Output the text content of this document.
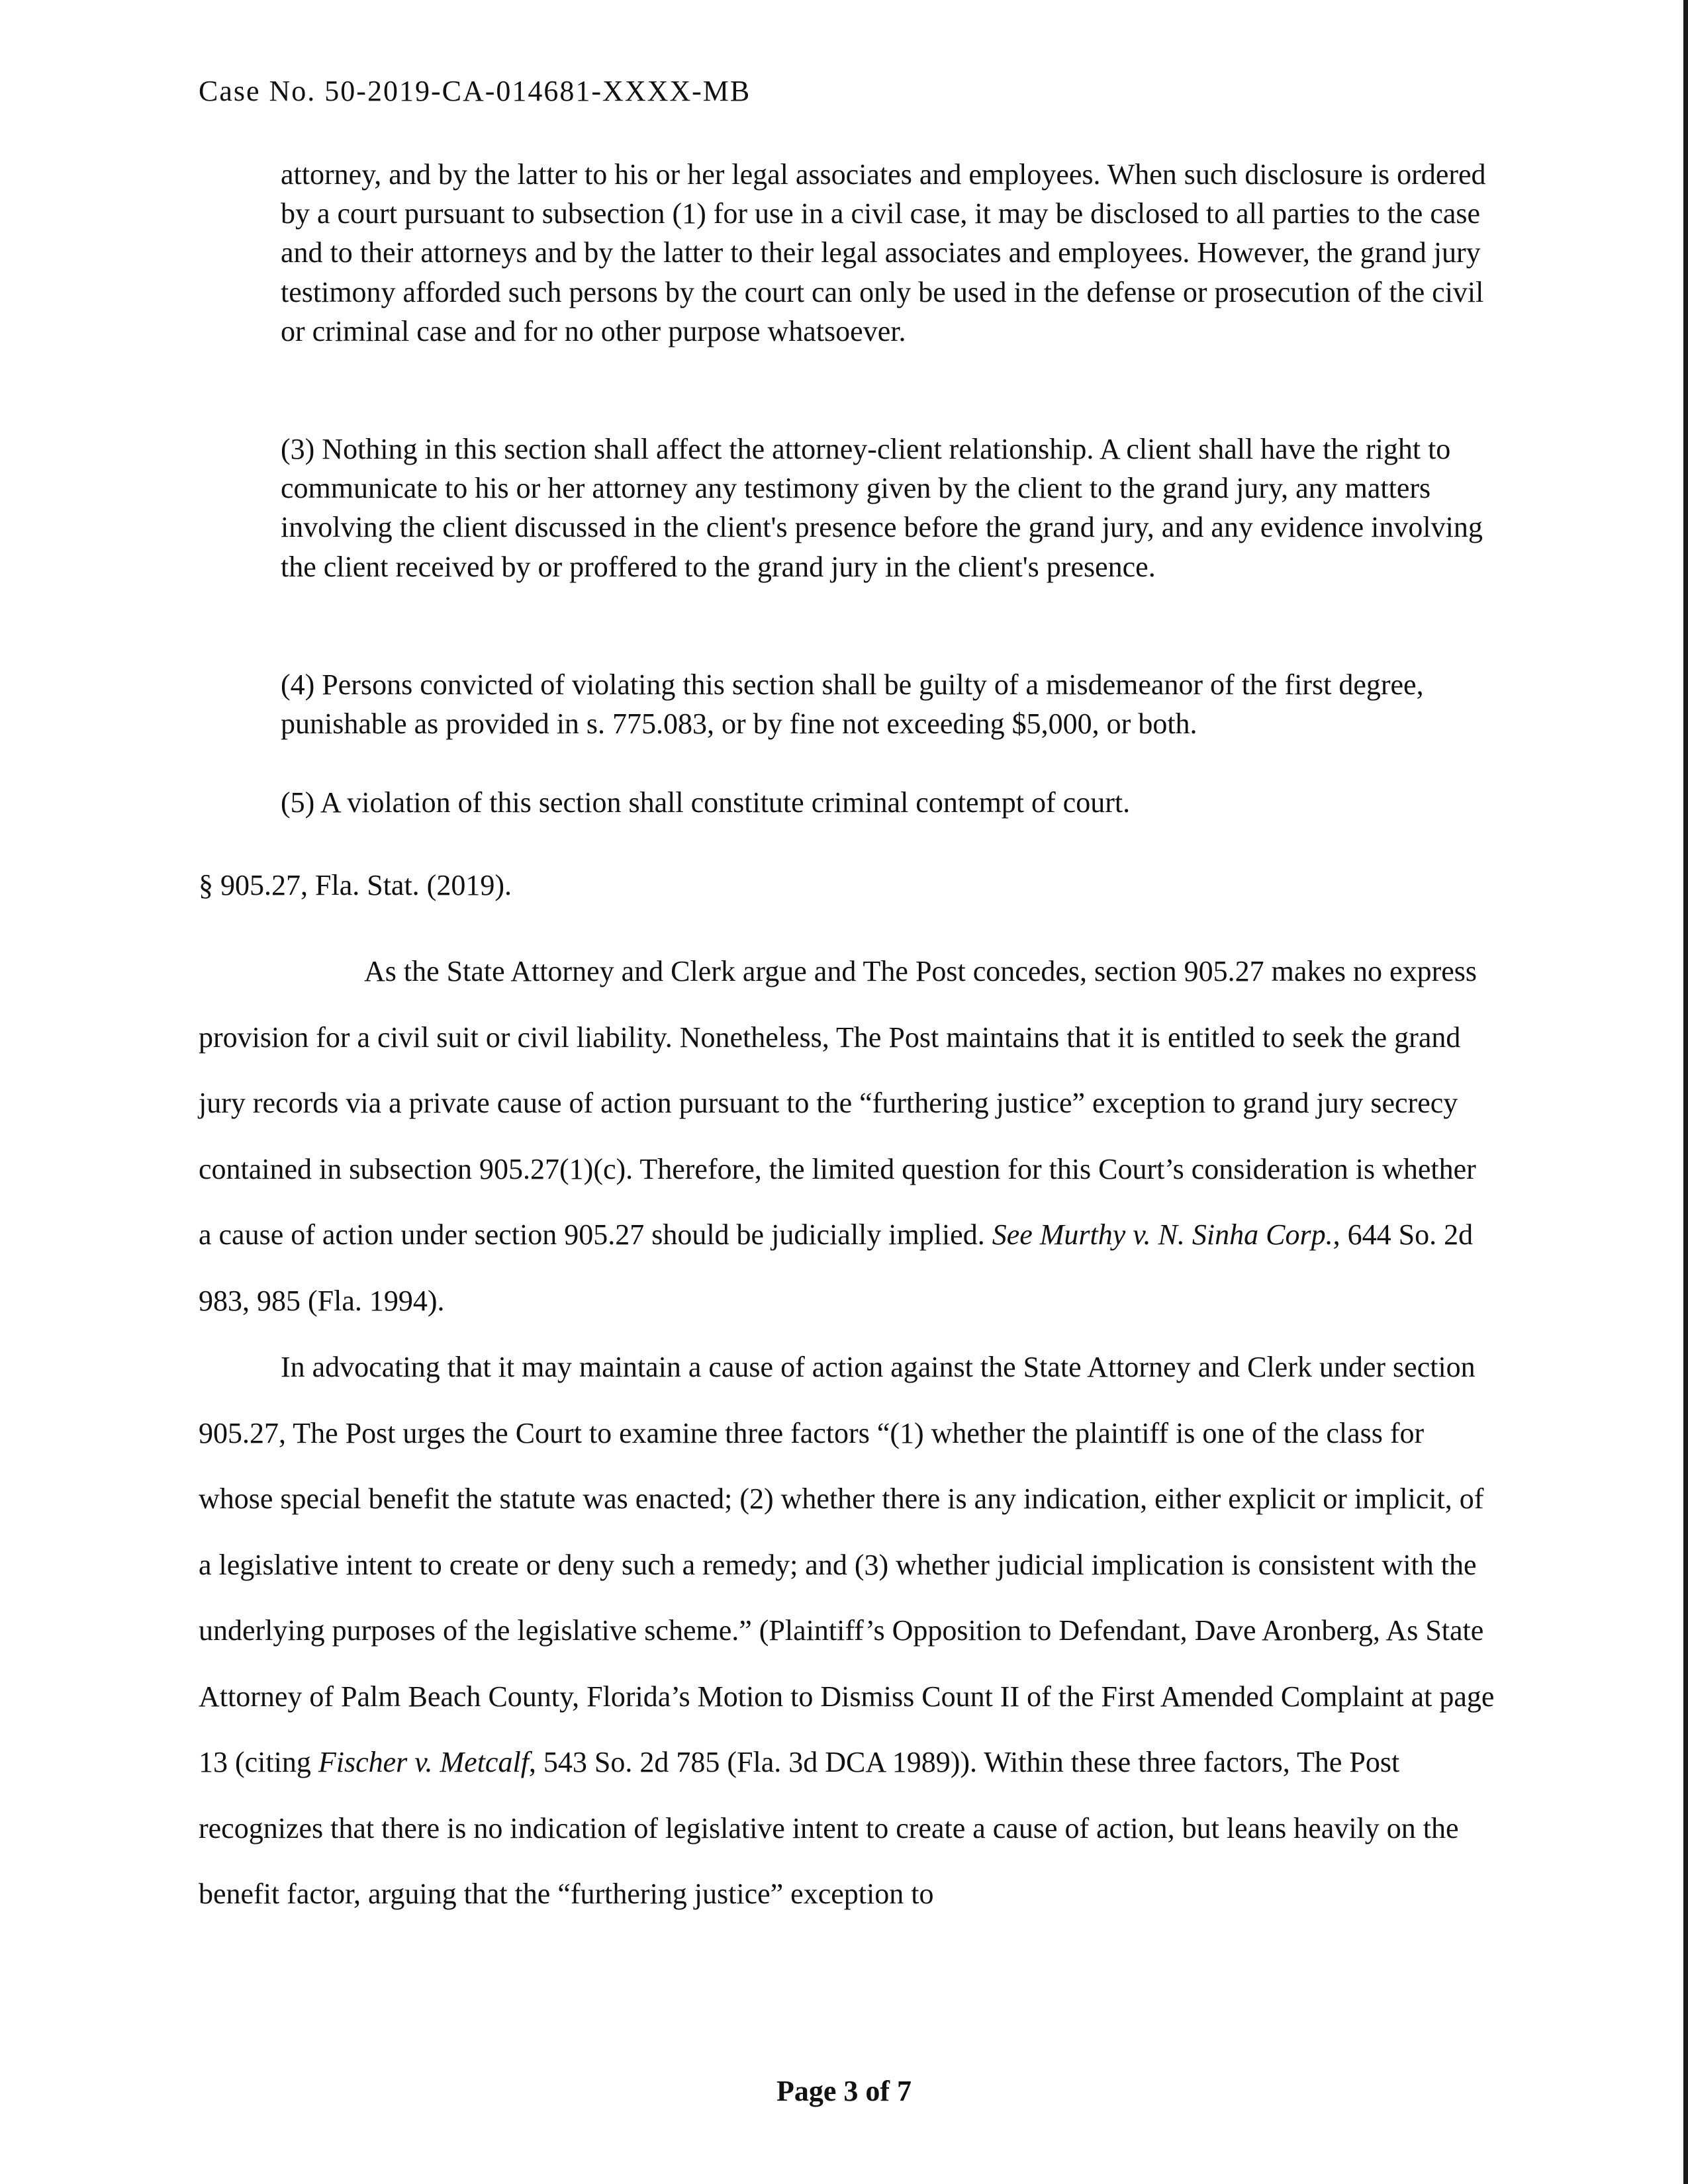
Case No. 50-2019-CA-014681-XXXX-MB

attorney, and by the latter to his or her legal associates and employees. When such disclosure is ordered by a court pursuant to subsection (1) for use in a civil case, it may be disclosed to all parties to the case and to their attorneys and by the latter to their legal associates and employees. However, the grand jury testimony afforded such persons by the court can only be used in the defense or prosecution of the civil or criminal case and for no other purpose whatsoever.

(3) Nothing in this section shall affect the attorney-client relationship. A client shall have the right to communicate to his or her attorney any testimony given by the client to the grand jury, any matters involving the client discussed in the client's presence before the grand jury, and any evidence involving the client received by or proffered to the grand jury in the client's presence.

(4) Persons convicted of violating this section shall be guilty of a misdemeanor of the first degree, punishable as provided in s. 775.083, or by fine not exceeding $5,000, or both.

(5) A violation of this section shall constitute criminal contempt of court.

§ 905.27, Fla. Stat. (2019).

As the State Attorney and Clerk argue and The Post concedes, section 905.27 makes no express provision for a civil suit or civil liability. Nonetheless, The Post maintains that it is entitled to seek the grand jury records via a private cause of action pursuant to the “furthering justice” exception to grand jury secrecy contained in subsection 905.27(1)(c). Therefore, the limited question for this Court’s consideration is whether a cause of action under section 905.27 should be judicially implied. See Murthy v. N. Sinha Corp., 644 So. 2d 983, 985 (Fla. 1994).

In advocating that it may maintain a cause of action against the State Attorney and Clerk under section 905.27, The Post urges the Court to examine three factors “(1) whether the plaintiff is one of the class for whose special benefit the statute was enacted; (2) whether there is any indication, either explicit or implicit, of a legislative intent to create or deny such a remedy; and (3) whether judicial implication is consistent with the underlying purposes of the legislative scheme.” (Plaintiff’s Opposition to Defendant, Dave Aronberg, As State Attorney of Palm Beach County, Florida’s Motion to Dismiss Count II of the First Amended Complaint at page 13 (citing Fischer v. Metcalf, 543 So. 2d 785 (Fla. 3d DCA 1989)). Within these three factors, The Post recognizes that there is no indication of legislative intent to create a cause of action, but leans heavily on the benefit factor, arguing that the “furthering justice” exception to

Page 3 of 7
